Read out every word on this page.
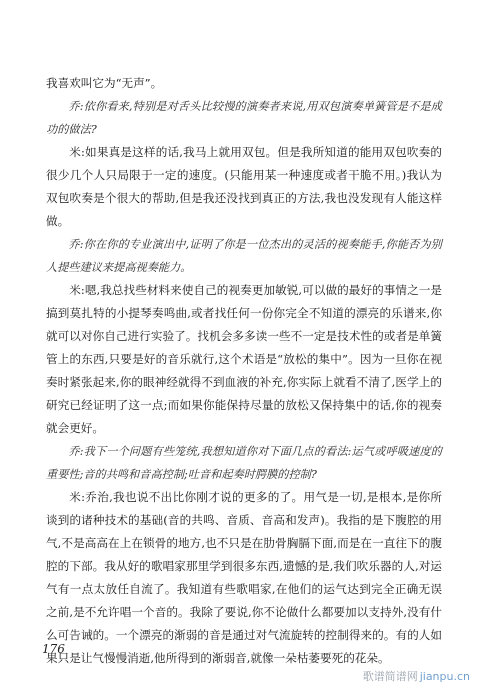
我喜欢叫它为“无声”。

乔:依你看来,特别是对舌头比较慢的演奏者来说,用双包演奏单簧管是不是成功的做法?

米:如果真是这样的话,我马上就用双包。但是我所知道的能用双包吹奏的很少几个人只局限于一定的速度。(只能用某一种速度或者干脆不用。)我认为双包吹奏是个很大的帮助,但是我还没找到真正的方法,我也没发现有人能这样做。

乔:你在你的专业演出中,证明了你是一位杰出的灵活的视奏能手,你能否为别人提些建议来提高视奏能力。

米:嗯,我总找些材料来使自己的视奏更加敏锐,可以做的最好的事情之一是搞到莫扎特的小提琴奏鸣曲,或者找任何一份你完全不知道的漂亮的乐谱来,你就可以对你自己进行实验了。找机会多多读一些不一定是技术性的或者是单簧管上的东西,只要是好的音乐就行,这个术语是“放松的集中”。因为一旦你在视奏时紧张起来,你的眼神经就得不到血液的补充,你实际上就看不清了,医学上的研究已经证明了这一点;而如果你能保持尽量的放松又保持集中的话,你的视奏就会更好。

乔:我下一个问题有些笼统,我想知道你对下面几点的看法:运气或呼吸速度的重要性;音的共鸣和音高控制;吐音和起奏时腭膜的控制?

米:乔治,我也说不出比你刚才说的更多的了。用气是一切,是根本,是你所谈到的诸种技术的基础(音的共鸣、音质、音高和发声)。我指的是下腹腔的用气,不是高高在上在锁骨的地方,也不只是在肋骨胸膈下面,而是在一直往下的腹腔的下部。我从好的歌唱家那里学到很多东西,遗憾的是,我们吹乐器的人,对运气有一点太放任自流了。我知道有些歌唱家,在他们的运气达到完全正确无误之前,是不允许唱一个音的。我除了要说,你不论做什么都要加以支持外,没有什么可告诫的。一个漂亮的渐弱的音是通过对气流旋转的控制得来的。有的人如果只是让气慢慢消逝,他所得到的渐弱音,就像一朵枯萎要死的花朵。

176
歌谱简谱网 jianpu.cn
